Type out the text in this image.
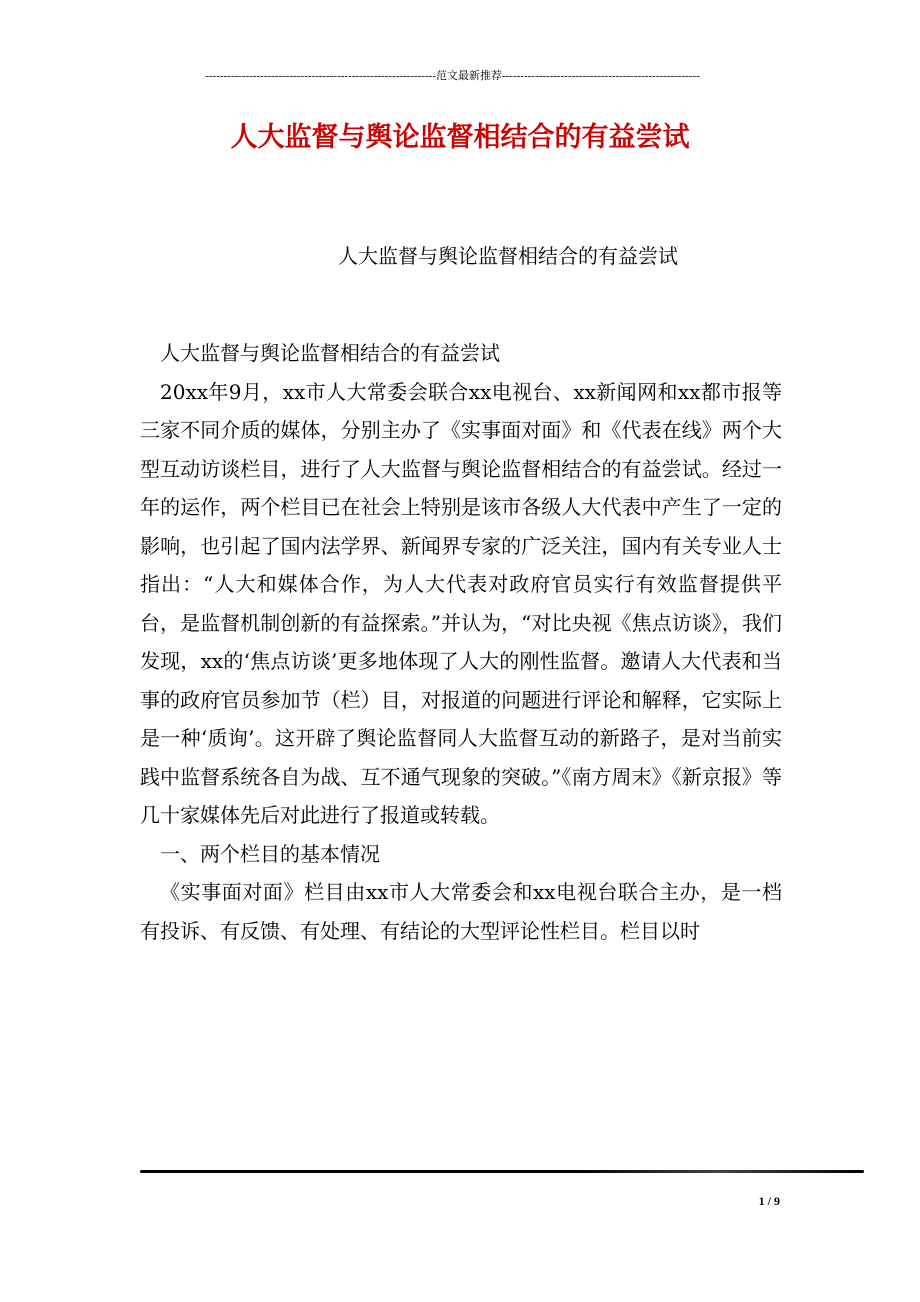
---------------------------------------------------------------范文最新推荐------------------------------------------------------
人大监督与舆论监督相结合的有益尝试
人大监督与舆论监督相结合的有益尝试

人大监督与舆论监督相结合的有益尝试

20xx年9月，xx市人大常委会联合xx电视台、xx新闻网和xx都市报等三家不同介质的媒体，分别主办了《实事面对面》和《代表在线》两个大型互动访谈栏目，进行了人大监督与舆论监督相结合的有益尝试。经过一年的运作，两个栏目已在社会上特别是该市各级人大代表中产生了一定的影响，也引起了国内法学界、新闻界专家的广泛关注，国内有关专业人士指出：“人大和媒体合作，为人大代表对政府官员实行有效监督提供平台，是监督机制创新的有益探索。”并认为，“对比央视《焦点访谈》，我们发现，xx的‘焦点访谈’更多地体现了人大的刚性监督。邀请人大代表和当事的政府官员参加节（栏）目，对报道的问题进行评论和解释，它实际上是一种‘质询’。这开辟了舆论监督同人大监督互动的新路子，是对当前实践中监督系统各自为战、互不通气现象的突破。”《南方周末》《新京报》等几十家媒体先后对此进行了报道或转载。

一、两个栏目的基本情况

《实事面对面》栏目由xx市人大常委会和xx电视台联合主办，是一档有投诉、有反馈、有处理、有结论的大型评论性栏目。栏目以时

1 / 9
